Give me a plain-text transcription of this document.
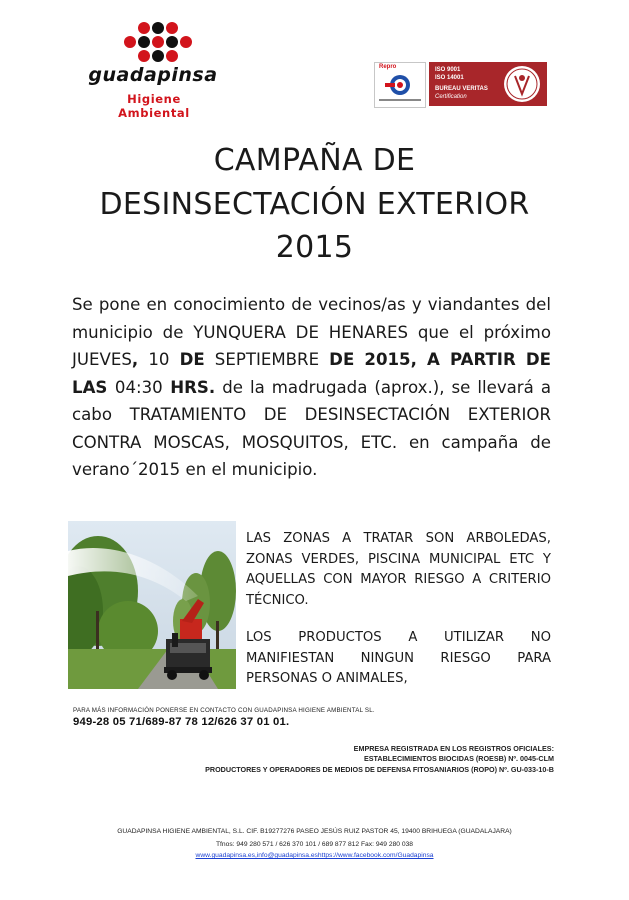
guadapinsa
Higiene Ambiental
Repro	ISO 9001
ISO 14001
BUREAU VERITAS
Certification
CAMPAÑA DE
DESINSECTACIÓN EXTERIOR
2015
Se pone en conocimiento de vecinos/as y viandantes del municipio de YUNQUERA DE HENARES que el próximo JUEVES, 10 DE SEPTIEMBRE DE 2015, A PARTIR DE LAS 04:30 HRS. de la madrugada (aprox.), se llevará a cabo TRATAMIENTO DE DESINSECTACIÓN EXTERIOR CONTRA MOSCAS, MOSQUITOS, ETC. en campaña de verano´2015 en el municipio.
LAS ZONAS A TRATAR SON ARBOLEDAS, ZONAS VERDES, PISCINA MUNICIPAL ETC Y AQUELLAS CON MAYOR RIESGO A CRITERIO TÉCNICO.
LOS PRODUCTOS A UTILIZAR NO MANIFIESTAN NINGUN RIESGO PARA PERSONAS O ANIMALES,
PARA MÁS INFORMACIÓN PONERSE EN CONTACTO CON GUADAPINSA HIGIENE AMBIENTAL SL.
949-28 05 71/689-87 78 12/626 37 01 01.
EMPRESA REGISTRADA EN LOS REGISTROS OFICIALES:
ESTABLECIMIENTOS BIOCIDAS (ROESB) Nº. 0045-CLM
PRODUCTORES Y OPERADORES DE MEDIOS DE DEFENSA FITOSANIARIOS (ROPO) Nº. GU-033-10-B
GUADAPINSA HIGIENE AMBIENTAL, S.L. CIF. B19277276 PASEO JESÚS RUIZ PASTOR 45, 19400 BRIHUEGA (GUADALAJARA)
Tfnos: 949 280 571 / 626 370 101 / 689 877 812 Fax: 949 280 038
www.guadapinsa.es,info@guadapinsa.eshttps://www.facebook.com/Guadapinsa
